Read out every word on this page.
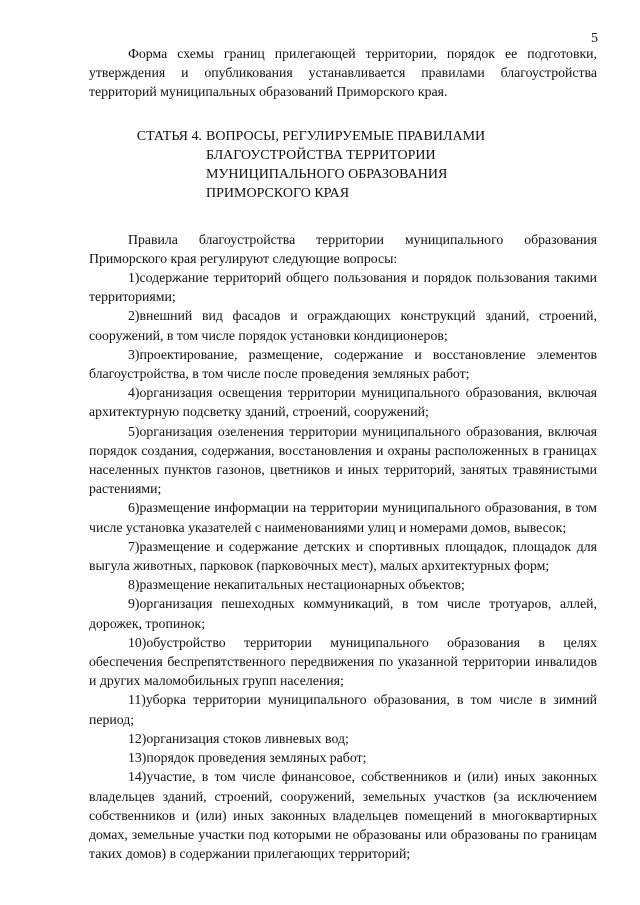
5

Форма схемы границ прилегающей территории, порядок ее подготовки, утверждения и опубликования устанавливается правилами благоустройства территорий муниципальных образований Приморского края.

СТАТЬЯ 4. ВОПРОСЫ, РЕГУЛИРУЕМЫЕ ПРАВИЛАМИ
БЛАГОУСТРОЙСТВА ТЕРРИТОРИИ
МУНИЦИПАЛЬНОГО ОБРАЗОВАНИЯ
ПРИМОРСКОГО КРАЯ

Правила благоустройства территории муниципального образования Приморского края регулируют следующие вопросы:

1)содержание территорий общего пользования и порядок пользования такими территориями;

2)внешний вид фасадов и ограждающих конструкций зданий, строений, сооружений, в том числе порядок установки кондиционеров;

3)проектирование, размещение, содержание и восстановление элементов благоустройства, в том числе после проведения земляных работ;

4)организация освещения территории муниципального образования, включая архитектурную подсветку зданий, строений, сооружений;

5)организация озеленения территории муниципального образования, включая порядок создания, содержания, восстановления и охраны расположенных в границах населенных пунктов газонов, цветников и иных территорий, занятых травянистыми растениями;

6)размещение информации на территории муниципального образования, в том числе установка указателей с наименованиями улиц и номерами домов, вывесок;

7)размещение и содержание детских и спортивных площадок, площадок для выгула животных, парковок (парковочных мест), малых архитектурных форм;

8)размещение некапитальных нестационарных объектов;

9)организация пешеходных коммуникаций, в том числе тротуаров, аллей, дорожек, тропинок;

10)обустройство территории муниципального образования в целях обеспечения беспрепятственного передвижения по указанной территории инвалидов и других маломобильных групп населения;

11)уборка территории муниципального образования, в том числе в зимний период;

12)организация стоков ливневых вод;

13)порядок проведения земляных работ;

14)участие, в том числе финансовое, собственников и (или) иных законных владельцев зданий, строений, сооружений, земельных участков (за исключением собственников и (или) иных законных владельцев помещений в многоквартирных домах, земельные участки под которыми не образованы или образованы по границам таких домов) в содержании прилегающих территорий;
